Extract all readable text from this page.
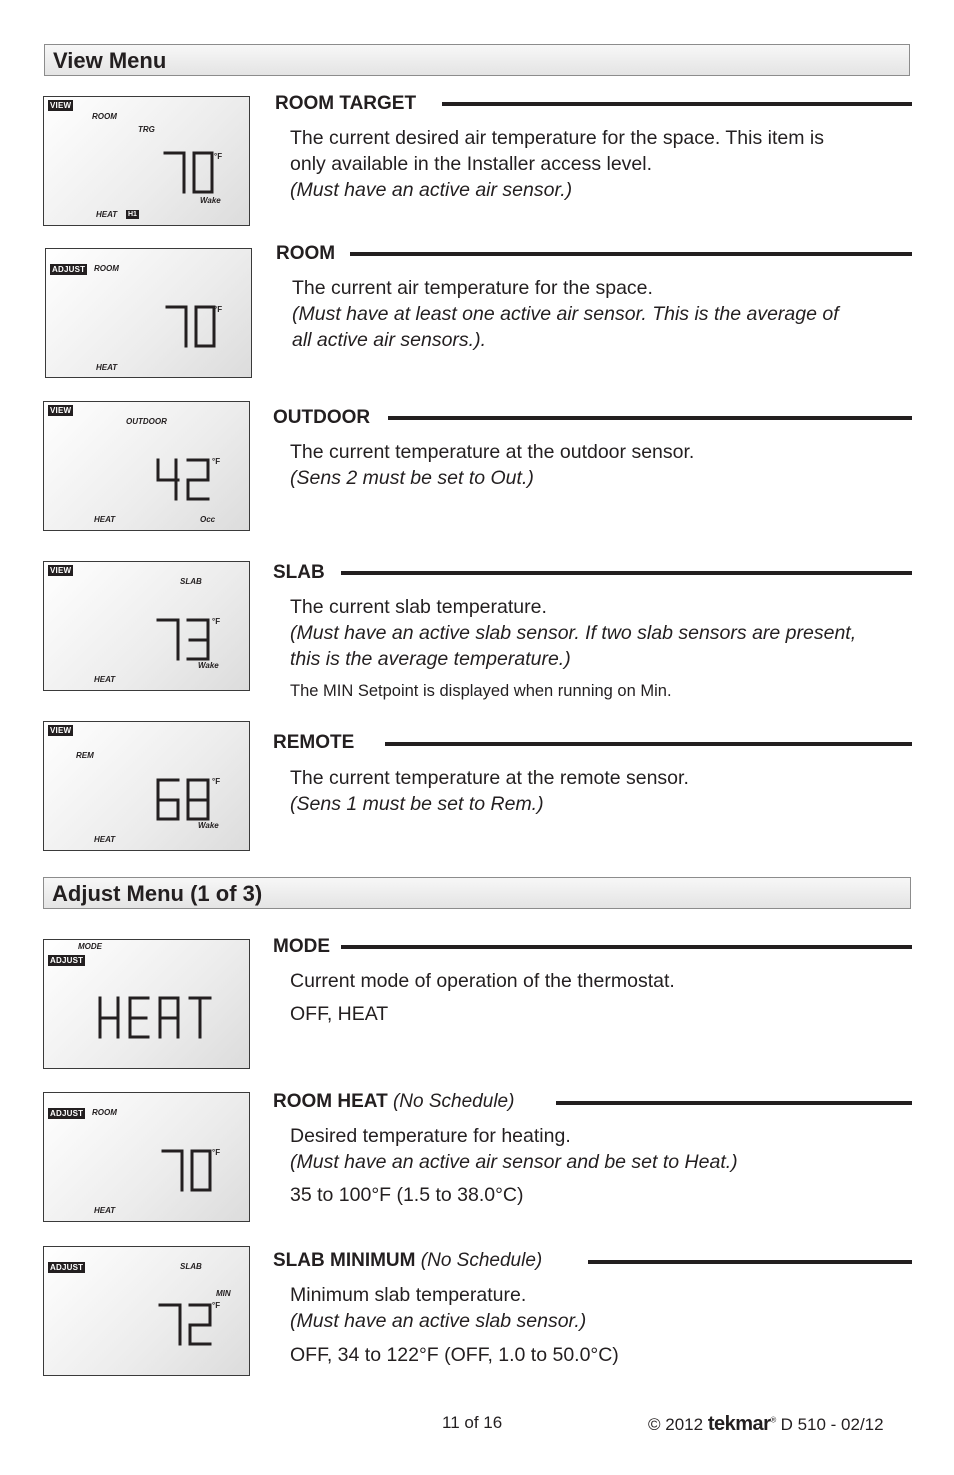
View Menu
VIEW
ROOM
TRG
°F
Wake
HEAT H1
ROOM TARGET
The current desired air temperature for the space. This item is
only available in the Installer access level.
(Must have an active air sensor.)
ADJUST ROOM
°F
HEAT
ROOM
The current air temperature for the space.
(Must have at least one active air sensor. This is the average of
all active air sensors.).
VIEW
OUTDOOR
°F
HEAT	Occ
OUTDOOR
The current temperature at the outdoor sensor.
(Sens 2 must be set to Out.)
VIEW
SLAB
°F
Wake
HEAT
SLAB
The current slab temperature.
(Must have an active slab sensor. If two slab sensors are present,
this is the average temperature.)
The MIN Setpoint is displayed when running on Min.
VIEW
REM
°F
Wake
HEAT
REMOTE
The current temperature at the remote sensor.
(Sens 1 must be set to Rem.)
Adjust Menu (1 of 3)
MODE
ADJUST
MODE
Current mode of operation of the thermostat.
OFF, HEAT
ADJUST ROOM
°F
HEAT
ROOM HEAT (No Schedule)
Desired temperature for heating.
(Must have an active air sensor and be set to Heat.)
35 to 100°F (1.5 to 38.0°C)
ADJUST	SLAB
MIN
°F
SLAB MINIMUM (No Schedule)
Minimum slab temperature.
(Must have an active slab sensor.)
OFF, 34 to 122°F (OFF, 1.0 to 50.0°C)
11 of 16	© 2012 tekmar® D 510 - 02/12
